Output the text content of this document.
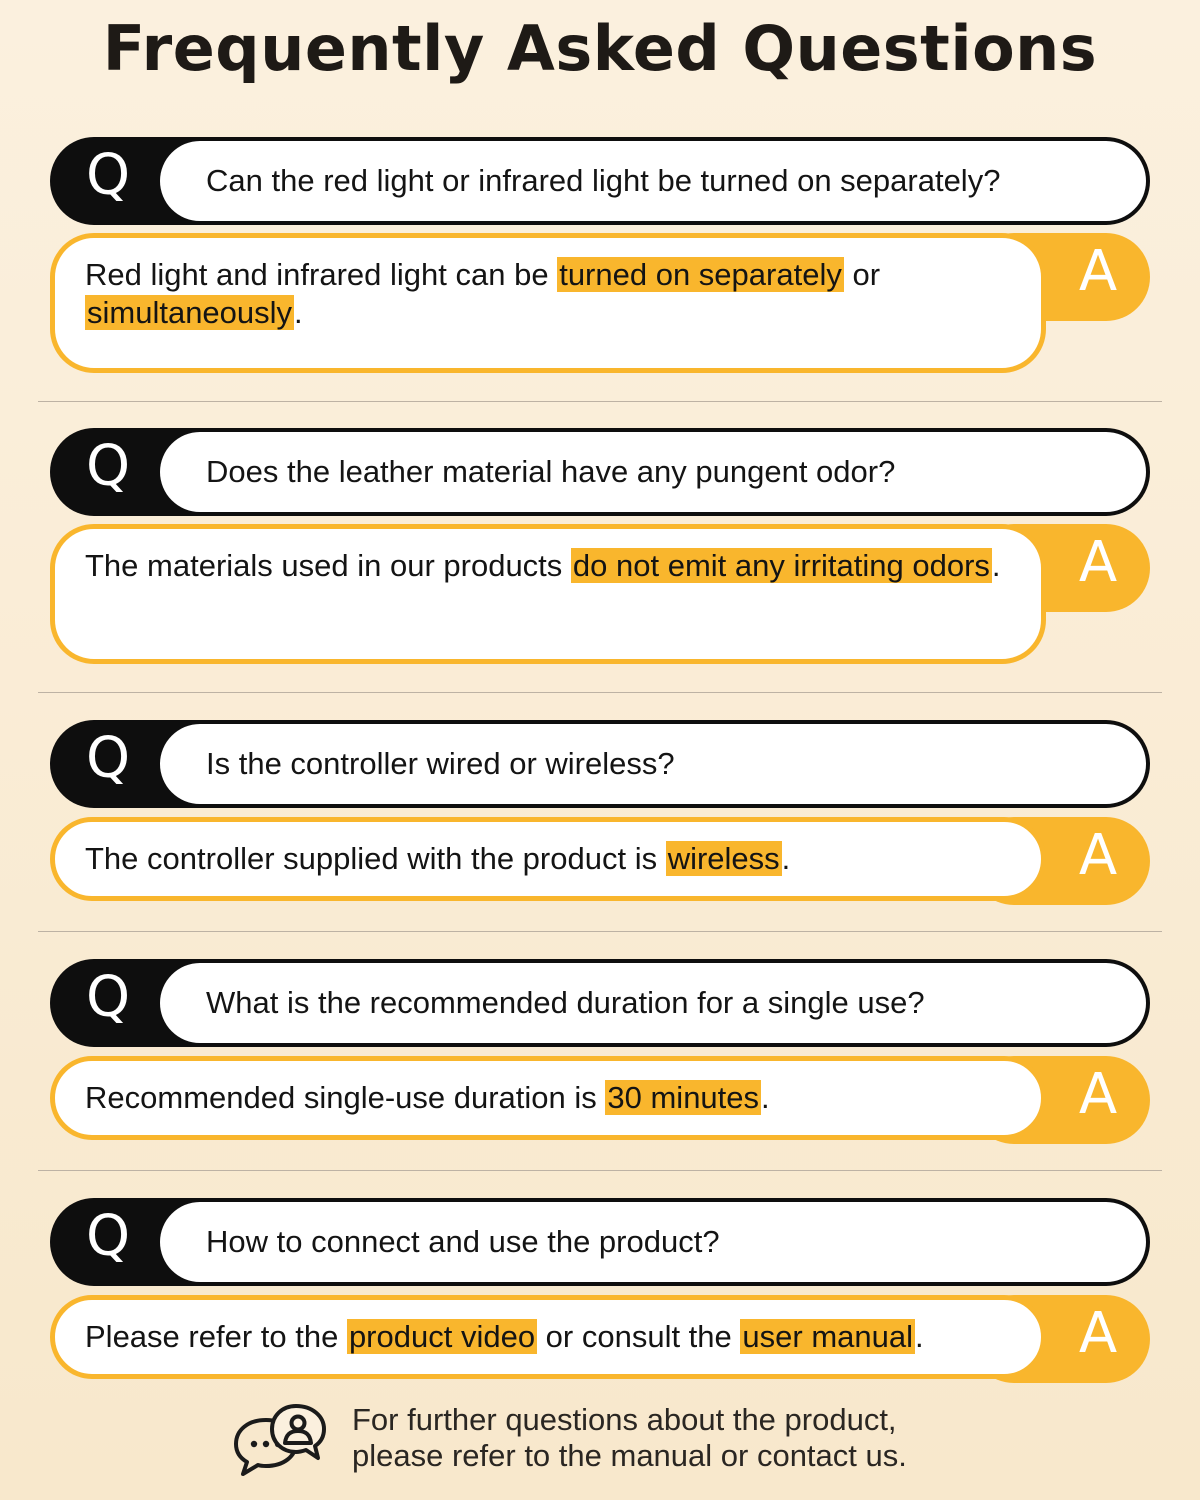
Frequently Asked Questions
Q	Can the red light or infrared light be turned on separately?
A
Red light and infrared light can be turned on separately or simultaneously.
Q	Does the leather material have any pungent odor?
A
The materials used in our products do not emit any irritating odors.
Q	Is the controller wired or wireless?
A
The controller supplied with the product is wireless.
Q	What is the recommended duration for a single use?
A
Recommended single-use duration is 30 minutes.
Q	How to connect and use the product?
A
Please refer to the product video or consult the user manual.
For further questions about the product,
please refer to the manual or contact us.
